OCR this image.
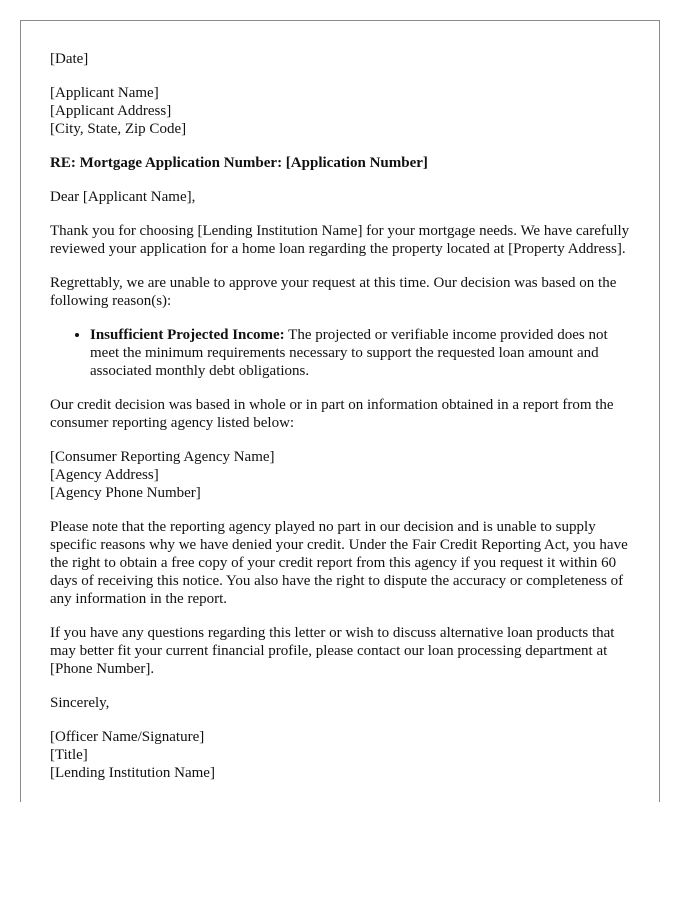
[Date]

[Applicant Name]
[Applicant Address]
[City, State, Zip Code]

RE: Mortgage Application Number: [Application Number]

Dear [Applicant Name],

Thank you for choosing [Lending Institution Name] for your mortgage needs. We have carefully reviewed your application for a home loan regarding the property located at [Property Address].

Regrettably, we are unable to approve your request at this time. Our decision was based on the following reason(s):

• Insufficient Projected Income: The projected or verifiable income provided does not meet the minimum requirements necessary to support the requested loan amount and associated monthly debt obligations.

Our credit decision was based in whole or in part on information obtained in a report from the consumer reporting agency listed below:

[Consumer Reporting Agency Name]
[Agency Address]
[Agency Phone Number]

Please note that the reporting agency played no part in our decision and is unable to supply specific reasons why we have denied your credit. Under the Fair Credit Reporting Act, you have the right to obtain a free copy of your credit report from this agency if you request it within 60 days of receiving this notice. You also have the right to dispute the accuracy or completeness of any information in the report.

If you have any questions regarding this letter or wish to discuss alternative loan products that may better fit your current financial profile, please contact our loan processing department at [Phone Number].

Sincerely,

[Officer Name/Signature]
[Title]
[Lending Institution Name]
